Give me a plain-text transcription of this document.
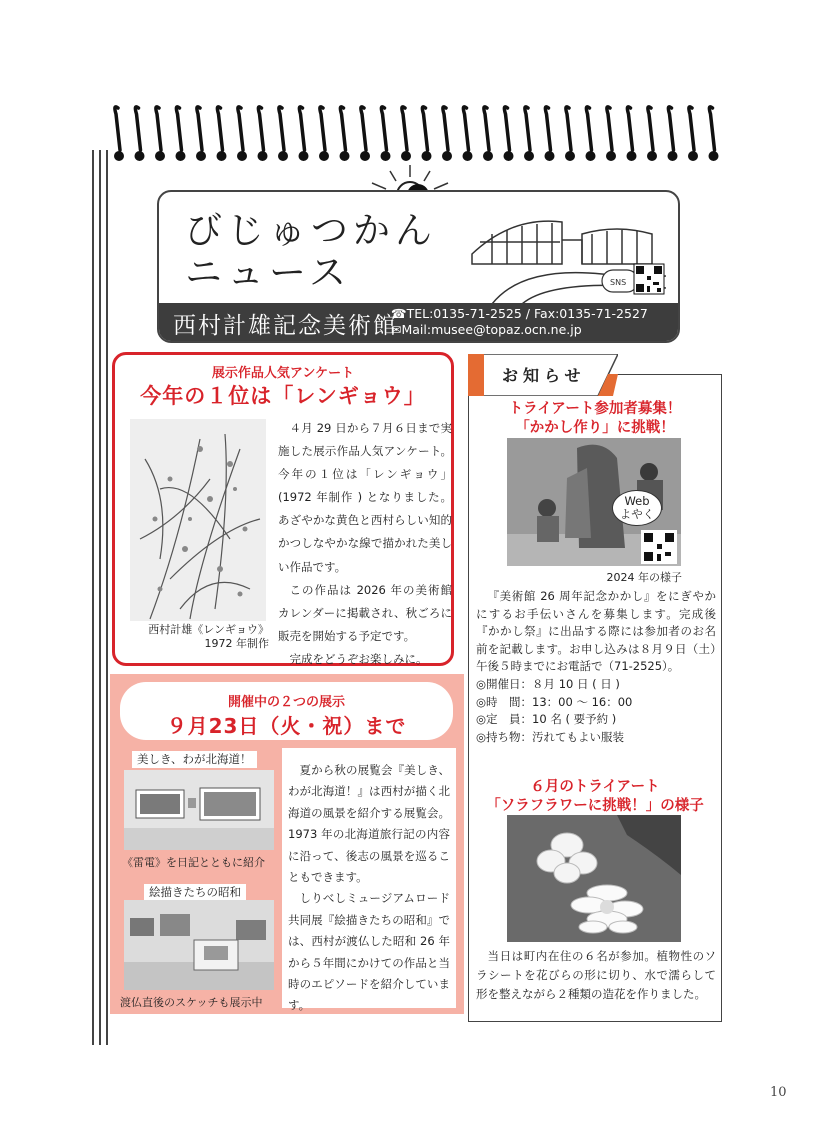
びじゅつかん
ニュース	SNS
西村計雄記念美術館
☎TEL:0135-71-2525 / Fax:0135-71-2527
✉Mail:musee@topaz.ocn.ne.jp
展示作品人気アンケート
今年の１位は「レンギョウ」
西村計雄《レンギョウ》
1972 年制作

４月 29 日から７月６日まで実施した展示作品人気アンケート。今年の１位は「レンギョウ」(1972 年制作 ) となりました。あざやかな黄色と西村らしい知的かつしなやかな線で描かれた美しい作品です。

この作品は 2026 年の美術館カレンダーに掲載され、秋ごろに販売を開始する予定です。

完成をどうぞお楽しみに。

開催中の２つの展示
９月23日（火・祝）まで
美しき、わが北海道！
《雷電》を日記とともに紹介
絵描きたちの昭和
渡仏直後のスケッチも展示中

夏から秋の展覧会『美しき、わが北海道！』は西村が描く北海道の風景を紹介する展覧会。1973 年の北海道旅行記の内容に沿って、後志の風景を巡ることもできます。

しりべしミュージアムロード共同展『絵描きたちの昭和』では、西村が渡仏した昭和 26 年から５年間にかけての作品と当時のエピソードを紹介しています。

お知らせ
トライアート参加者募集！
「かかし作り」に挑戦！
Web
よやく
2024 年の様子

『美術館 26 周年記念かかし』をにぎやかにするお手伝いさんを募集します。完成後『かかし祭』に出品する際には参加者のお名前を記載します。お申し込みは８月９日（土）午後５時までにお電話で（71-2525）。

◎開催日：８月 10 日 ( 日 )

◎時　間：13：00 ～ 16：00

◎定　員：10 名 ( 要予約 )

◎持ち物：汚れてもよい服装

６月のトライアート
「ソラフラワーに挑戦！」の様子
当日は町内在住の６名が参加。植物性のソラシートを花びらの形に切り、水で濡らして形を整えながら２種類の造花を作りました。
10
